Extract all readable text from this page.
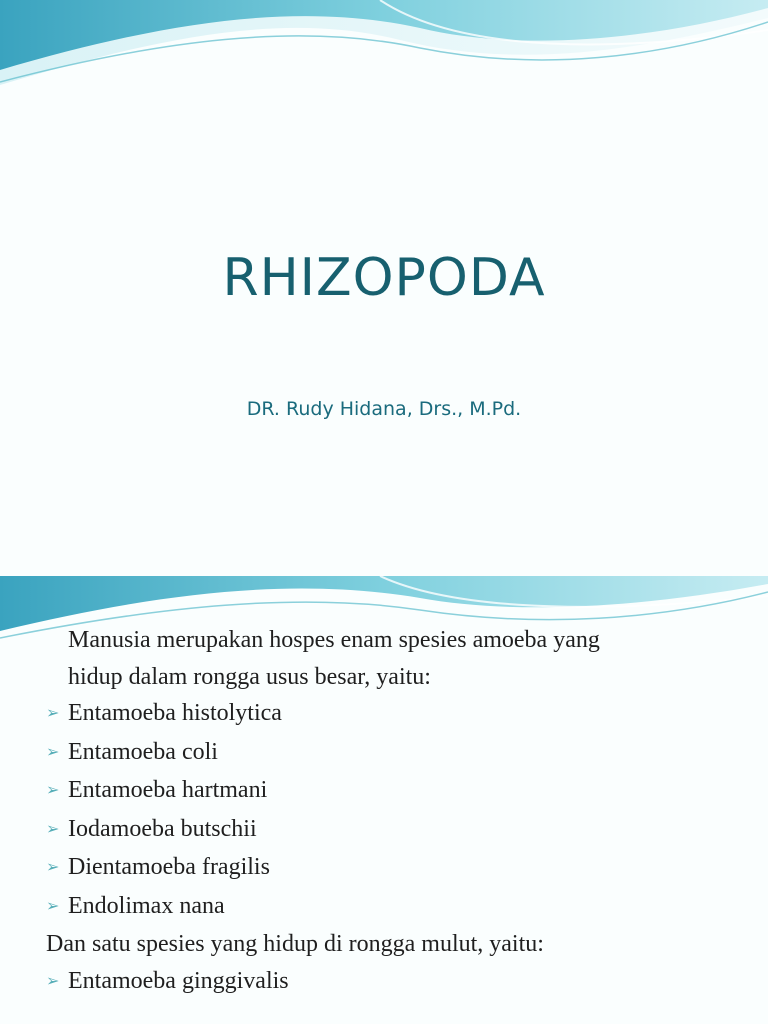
RHIZOPODA
DR. Rudy Hidana, Drs., M.Pd.
Manusia merupakan hospes enam spesies amoeba yang
hidup dalam rongga usus besar, yaitu:
➢ Entamoeba histolytica
➢ Entamoeba coli
➢ Entamoeba hartmani
➢ Iodamoeba butschii
➢ Dientamoeba fragilis
➢ Endolimax nana
Dan satu spesies yang hidup di rongga mulut, yaitu:
➢ Entamoeba ginggivalis
